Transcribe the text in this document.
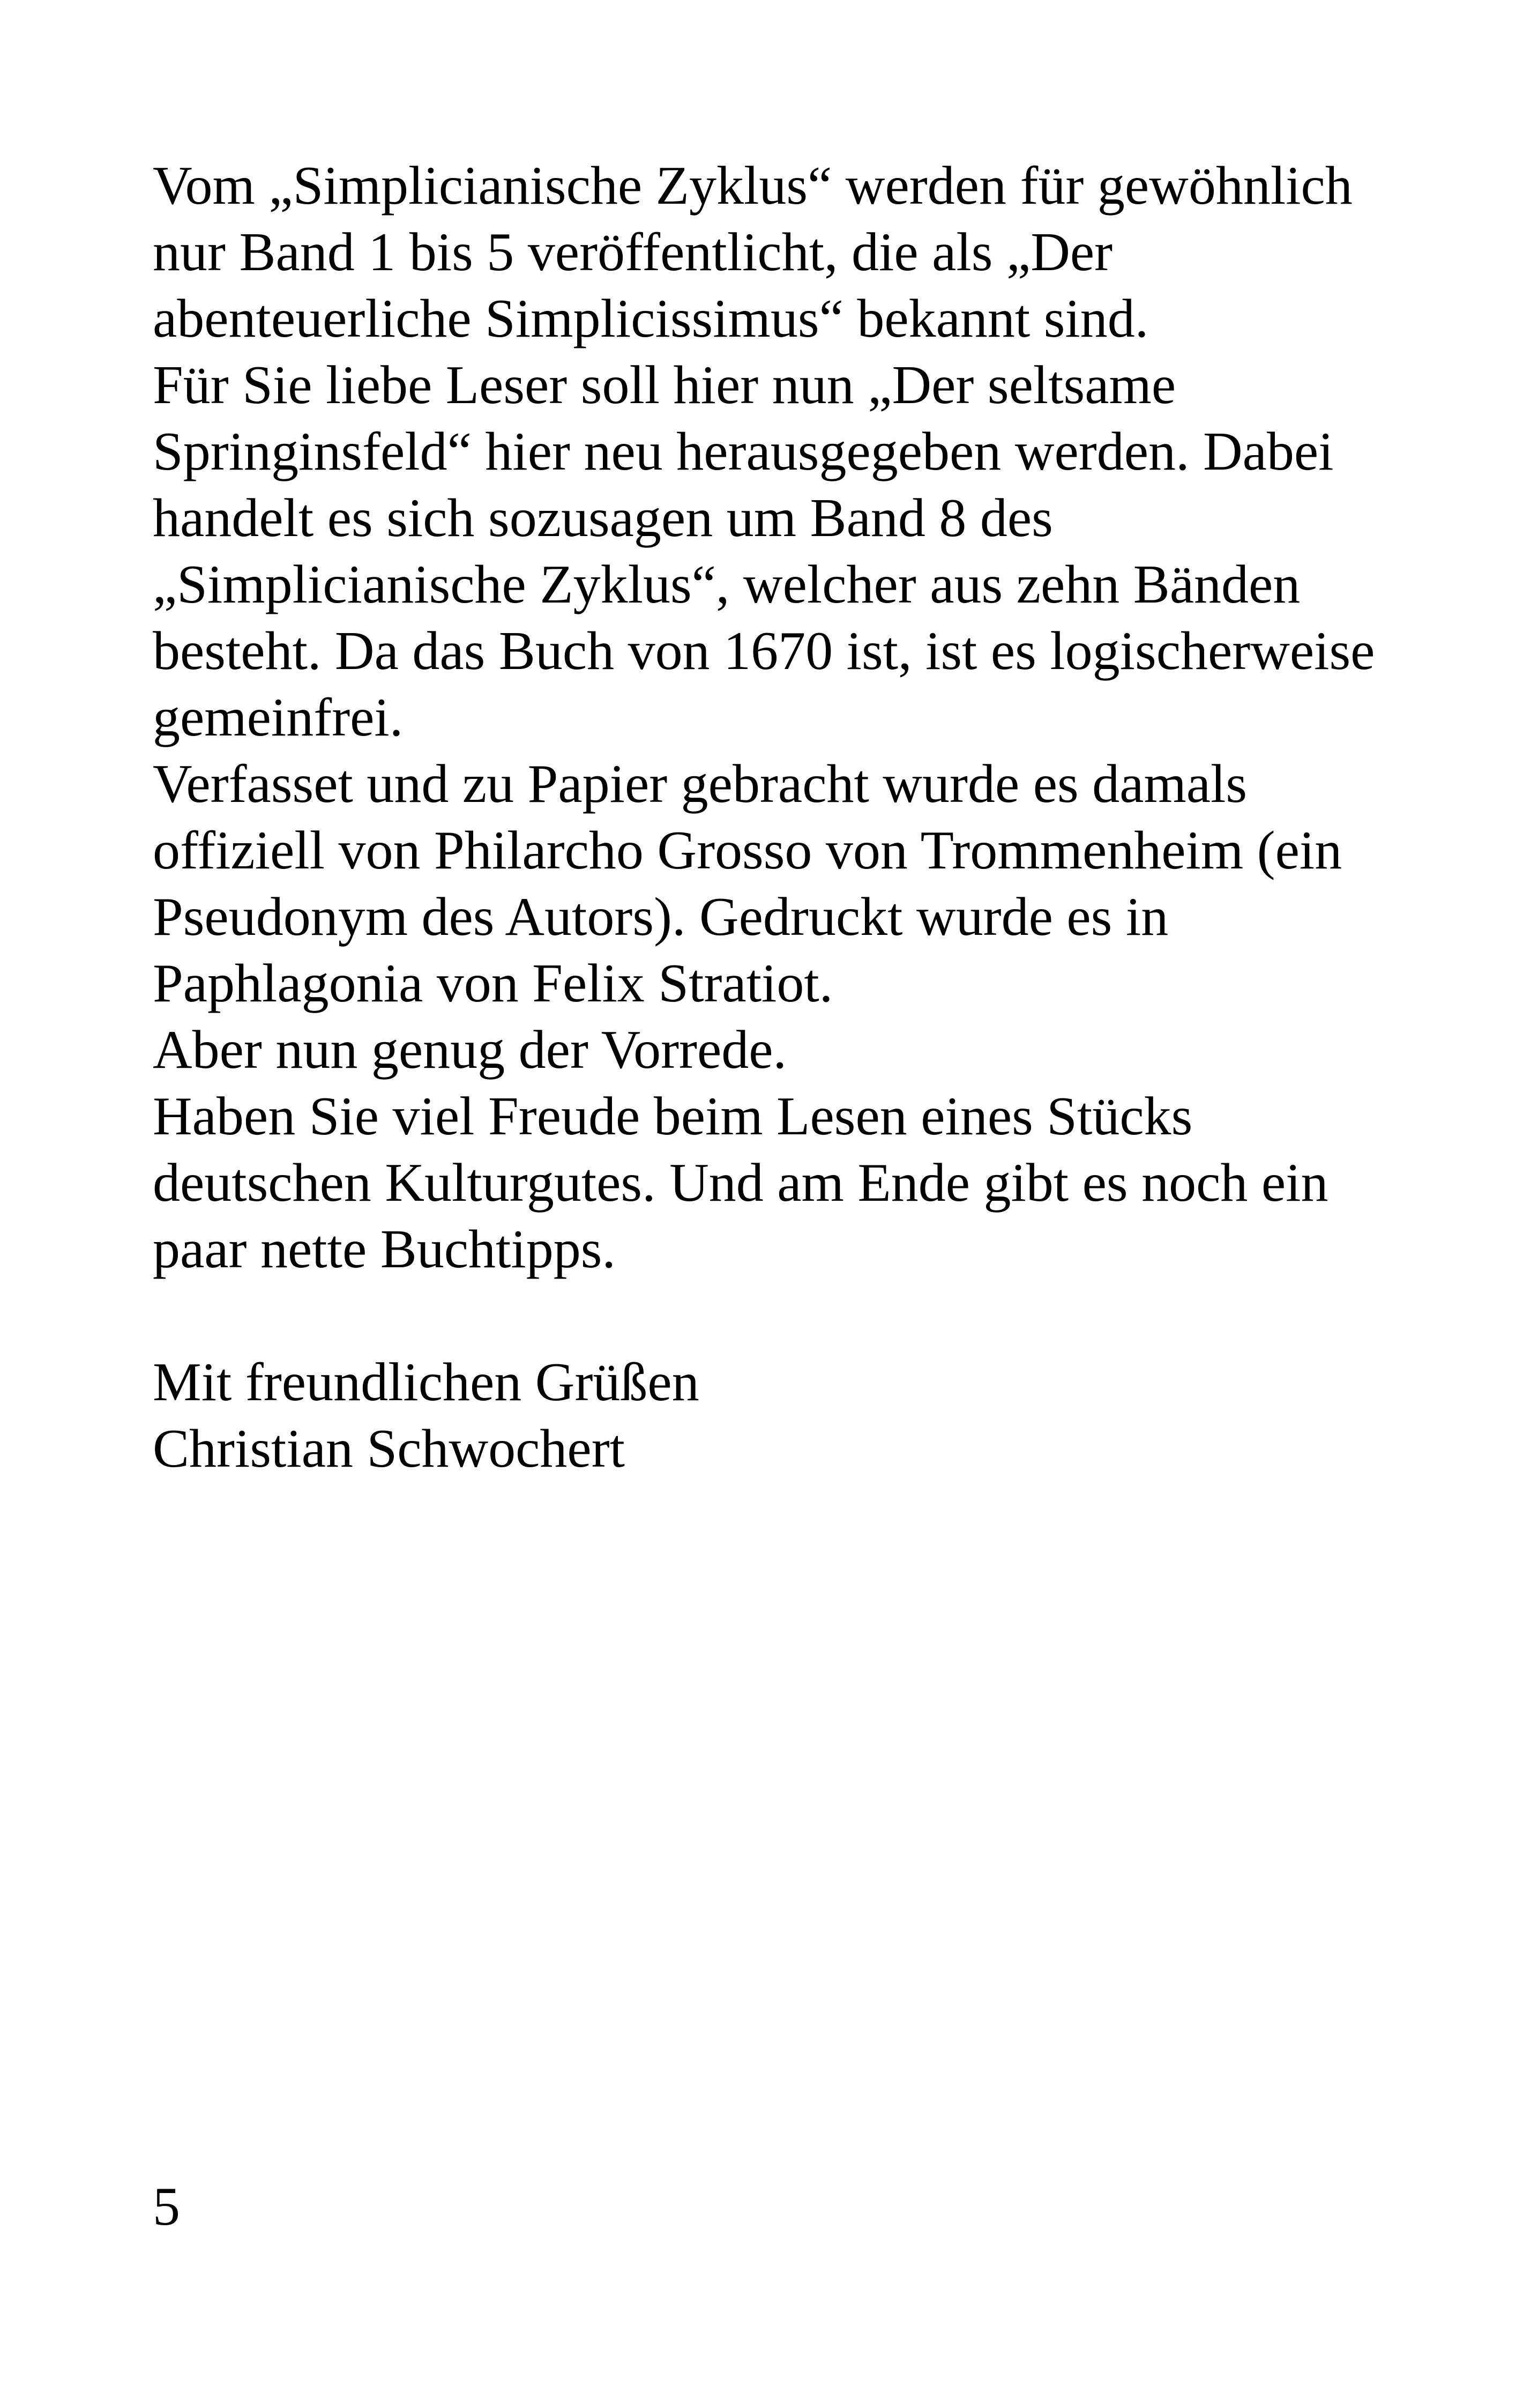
Vom „Simplicianische Zyklus“ werden für gewöhnlich
nur Band 1 bis 5 veröffentlicht, die als „Der
abenteuerliche Simplicissimus“ bekannt sind.
Für Sie liebe Leser soll hier nun „Der seltsame
Springinsfeld“ hier neu herausgegeben werden. Dabei
handelt es sich sozusagen um Band 8 des
„Simplicianische Zyklus“, welcher aus zehn Bänden
besteht. Da das Buch von 1670 ist, ist es logischerweise
gemeinfrei.
Verfasset und zu Papier gebracht wurde es damals
offiziell von Philarcho Grosso von Trommenheim (ein
Pseudonym des Autors). Gedruckt wurde es in
Paphlagonia von Felix Stratiot.
Aber nun genug der Vorrede.
Haben Sie viel Freude beim Lesen eines Stücks
deutschen Kulturgutes. Und am Ende gibt es noch ein
paar nette Buchtipps.
Mit freundlichen Grüßen
Christian Schwochert
5
